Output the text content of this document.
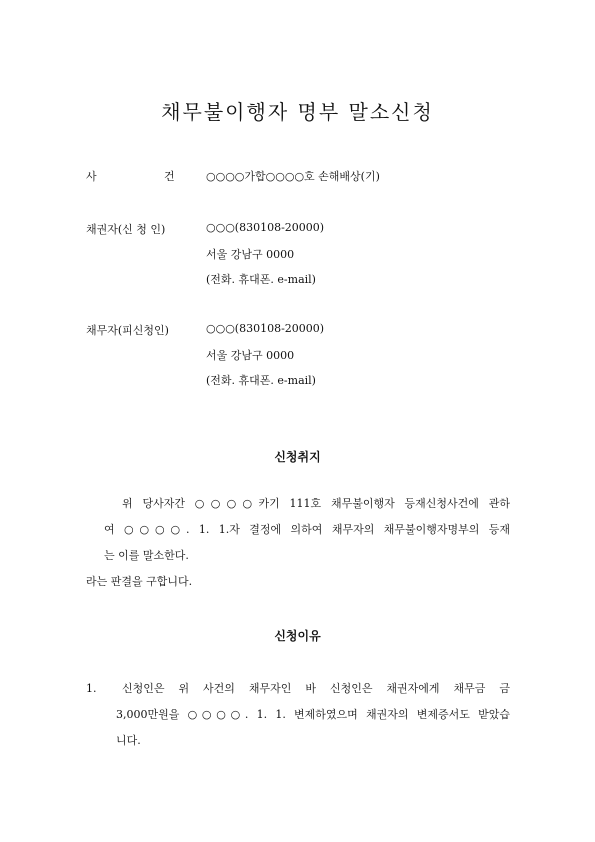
채무불이행자 명부 말소신청
사	건	○○○○가합○○○○호 손해배상(기)
채권자(신 청 인)	○○○(830108-20000)
서울 강남구 0000
(전화. 휴대폰. e-mail)
채무자(피신청인)	○○○(830108-20000)
서울 강남구 0000
(전화. 휴대폰. e-mail)
신청취지
위 당사자간 ○○○○카기 111호 채무불이행자 등재신청사건에 관하
여 ○○○○. 1. 1.자 결정에 의하여 채무자의 채무불이행자명부의 등재
는 이를 말소한다.
라는 판결을 구합니다.
신청이유
1.	신청인은 위 사건의 채무자인 바 신청인은 채권자에게 채무금 금
3,000만원을 ○○○○. 1. 1. 변제하였으며 채권자의 변제증서도 받았습
니다.
